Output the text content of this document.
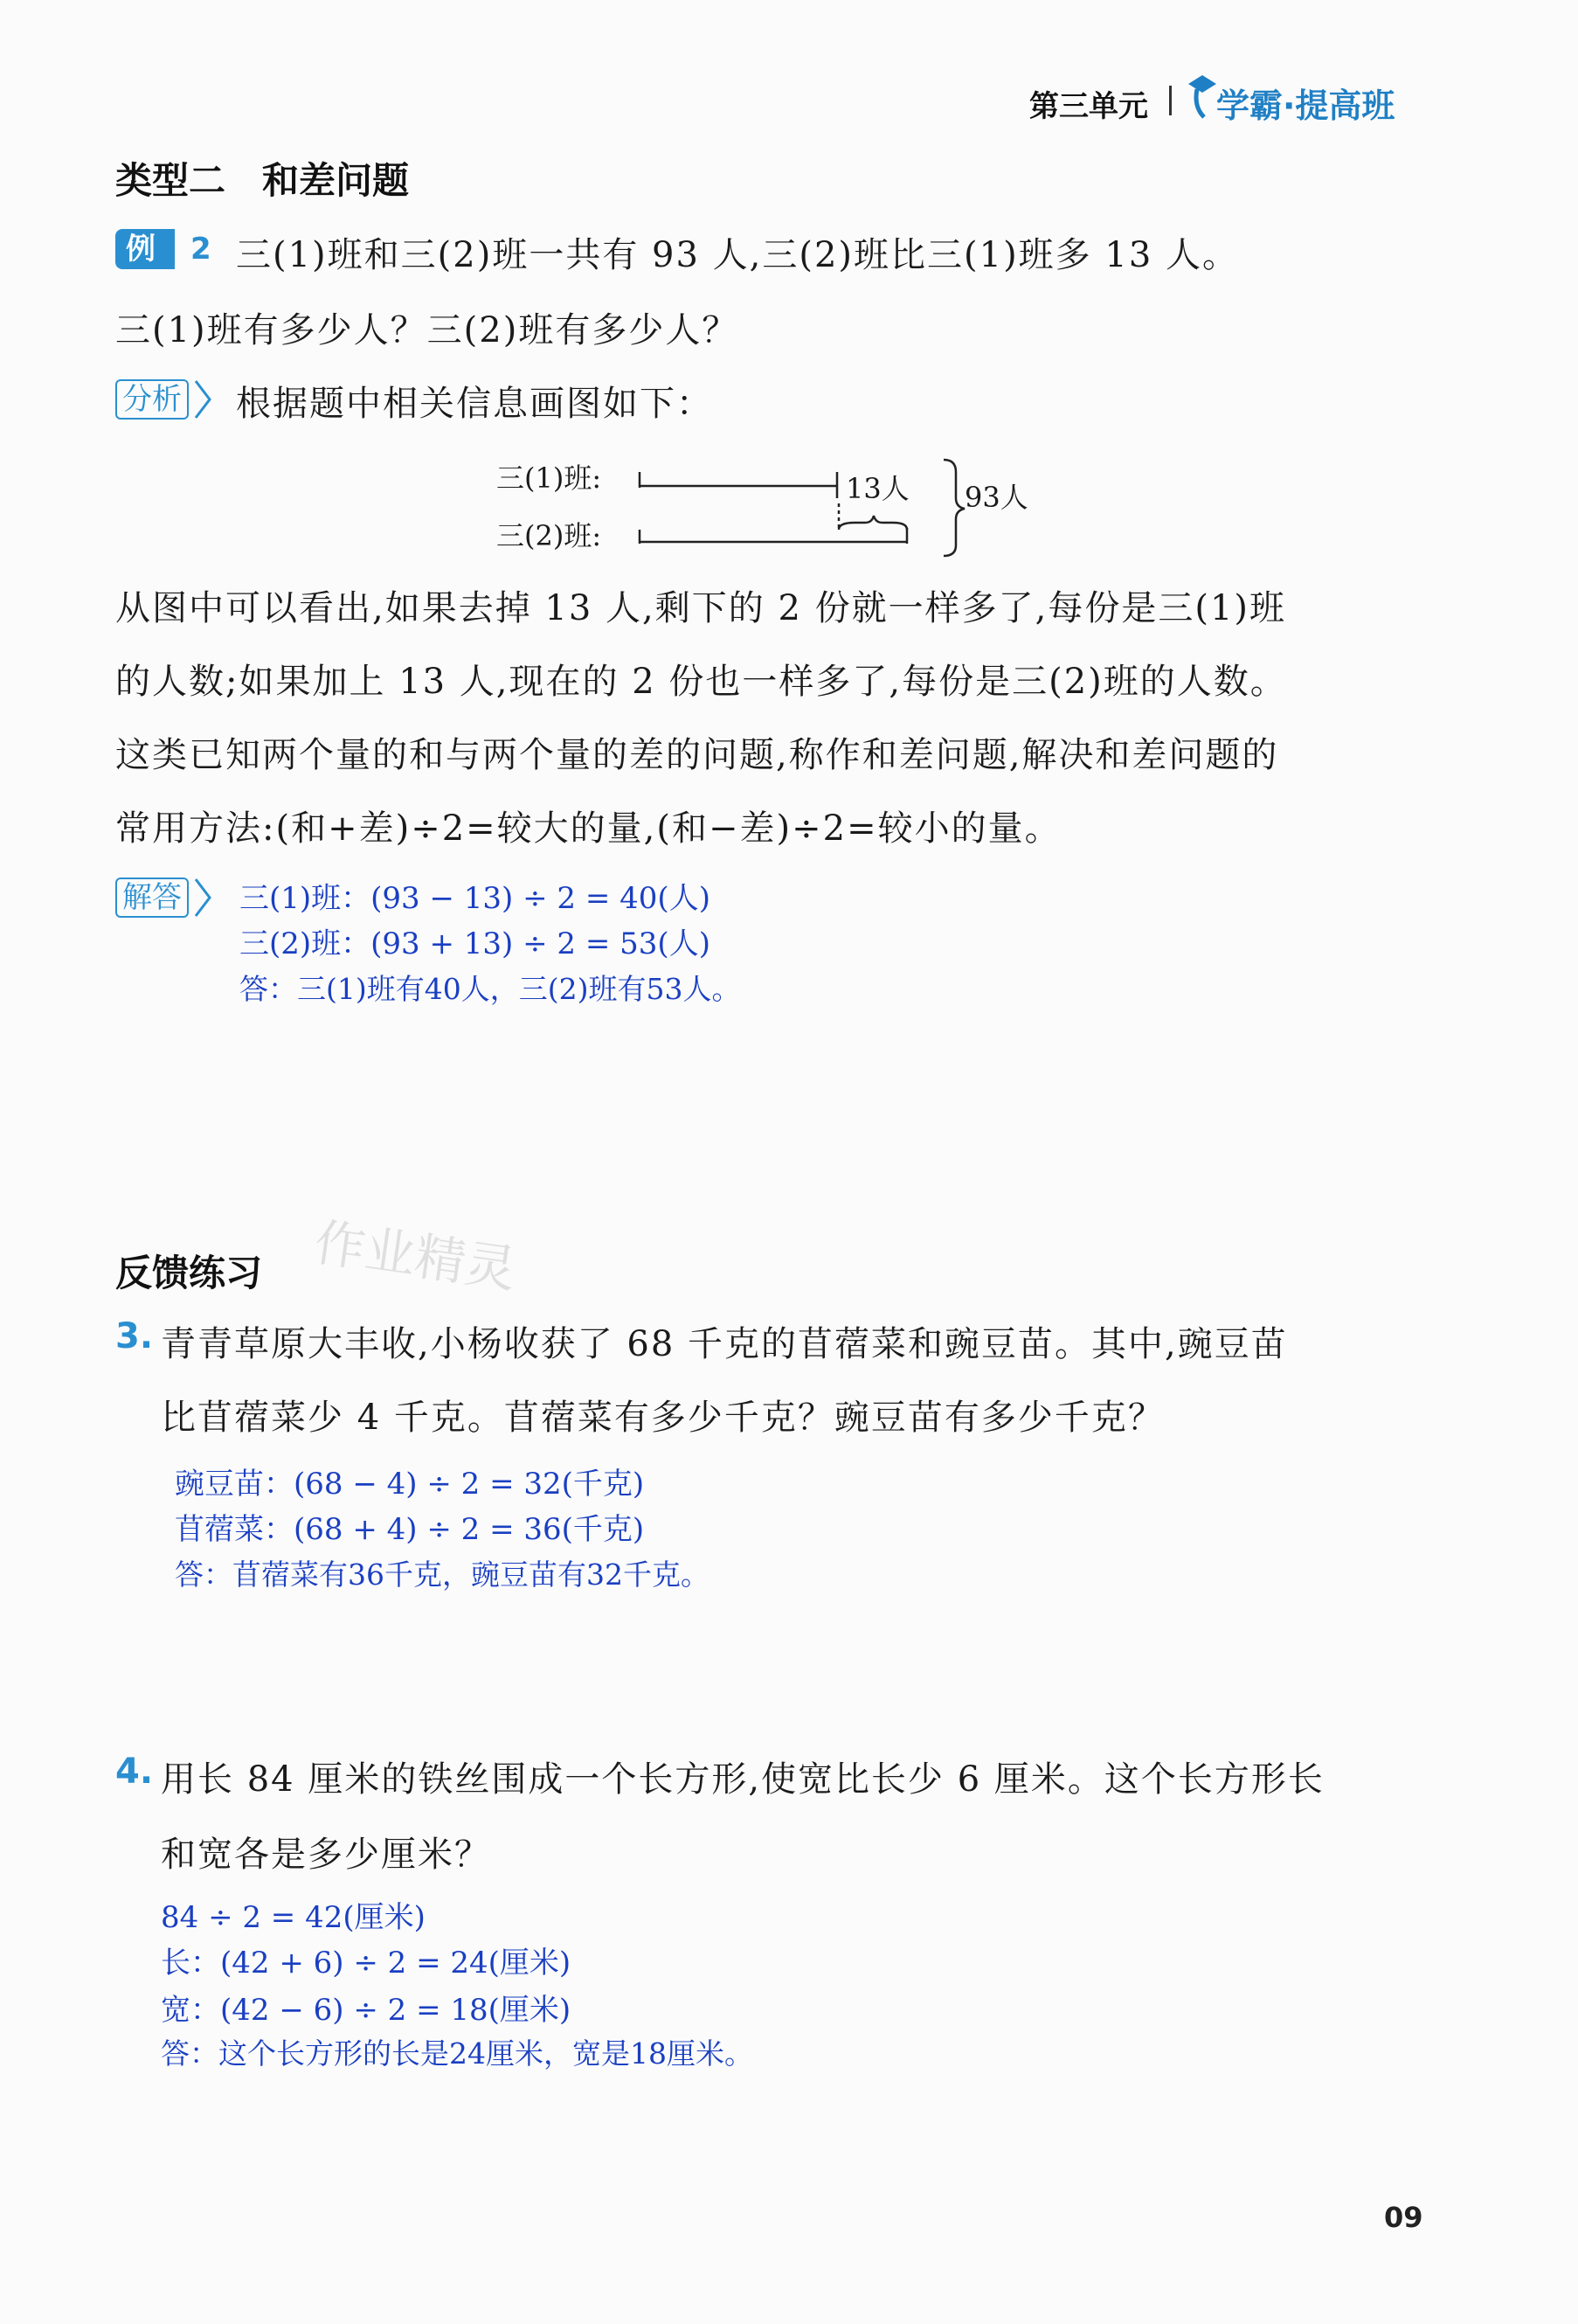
第三单元 学霸·提高班
类型二　和差问题
例	2 三(1)班和三(2)班一共有 93 人,三(2)班比三(1)班多 13 人。
三(1)班有多少人？三(2)班有多少人？
分析 根据题中相关信息画图如下：
三(1)班:
三(2)班:
13人 93人
从图中可以看出,如果去掉 13 人,剩下的 2 份就一样多了,每份是三(1)班
的人数;如果加上 13 人,现在的 2 份也一样多了,每份是三(2)班的人数。
这类已知两个量的和与两个量的差的问题,称作和差问题,解决和差问题的
常用方法:(和+差)÷2=较大的量,(和−差)÷2=较小的量。
解答 三(1)班：(93 − 13) ÷ 2 = 40(人)
三(2)班：(93 + 13) ÷ 2 = 53(人)
答：三(1)班有40人，三(2)班有53人。
反馈练习 作业精灵
3. 青青草原大丰收,小杨收获了 68 千克的苜蓿菜和豌豆苗。其中,豌豆苗
比苜蓿菜少 4 千克。苜蓿菜有多少千克？豌豆苗有多少千克？
豌豆苗：(68 − 4) ÷ 2 = 32(千克)
苜蓿菜：(68 + 4) ÷ 2 = 36(千克)
答：苜蓿菜有36千克，豌豆苗有32千克。
4. 用长 84 厘米的铁丝围成一个长方形,使宽比长少 6 厘米。这个长方形长
和宽各是多少厘米？
84 ÷ 2 = 42(厘米)
长：(42 + 6) ÷ 2 = 24(厘米)
宽：(42 − 6) ÷ 2 = 18(厘米)
答：这个长方形的长是24厘米，宽是18厘米。
09
